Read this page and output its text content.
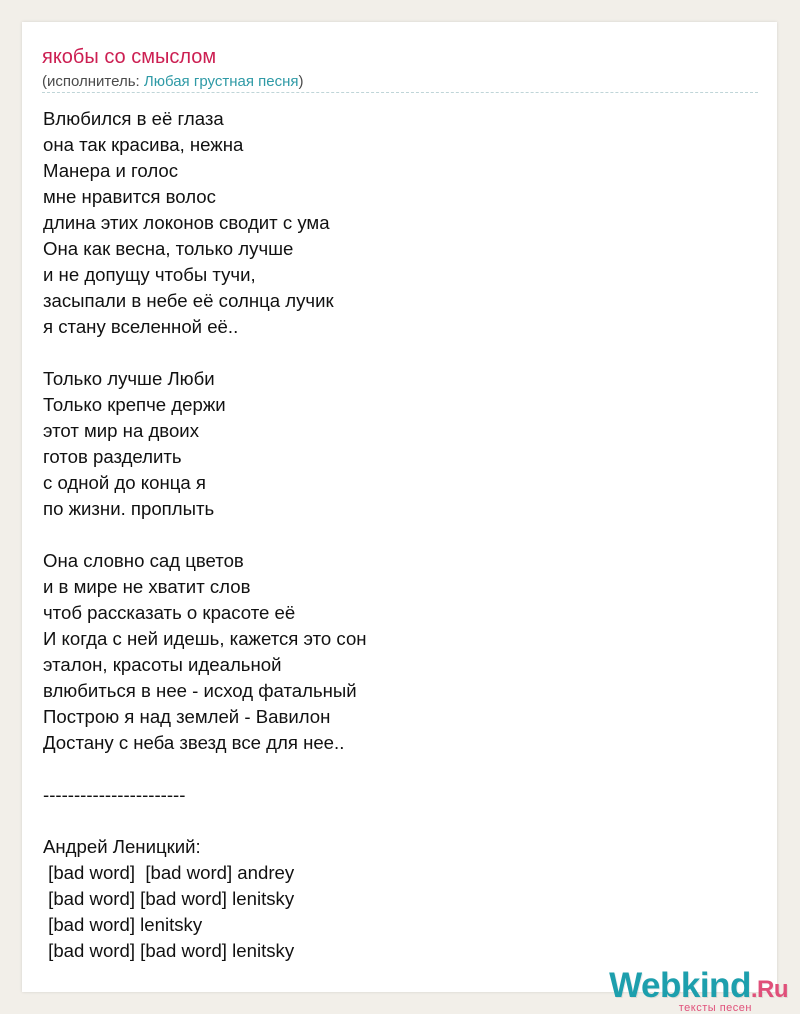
якобы со смыслом
(исполнитель: Любая грустная песня)
Влюбился в её глаза
она так красива, нежна
Манера и голос
мне нравится волос
длина этих локонов сводит с ума
Она как весна, только лучше
и не допущу чтобы тучи,
засыпали в небе её солнца лучик
я стану вселенной её..
Только лучше Люби
Только крепче держи
этот мир на двоих
готов разделить
с одной до конца я
по жизни. проплыть
Она словно сад цветов
и в мире не хватит слов
чтоб рассказать о красоте её
И когда с ней идешь, кажется это сон
эталон, красоты идеальной
влюбиться в нее - исход фатальный
Построю я над землей - Вавилон
Достану с неба звезд все для нее..
-----------------------
Андрей Леницкий:
[bad word]  [bad word] andrey
[bad word] [bad word] lenitsky
[bad word] lenitsky
[bad word] [bad word] lenitsky
Webkind.Ru
тексты песен
